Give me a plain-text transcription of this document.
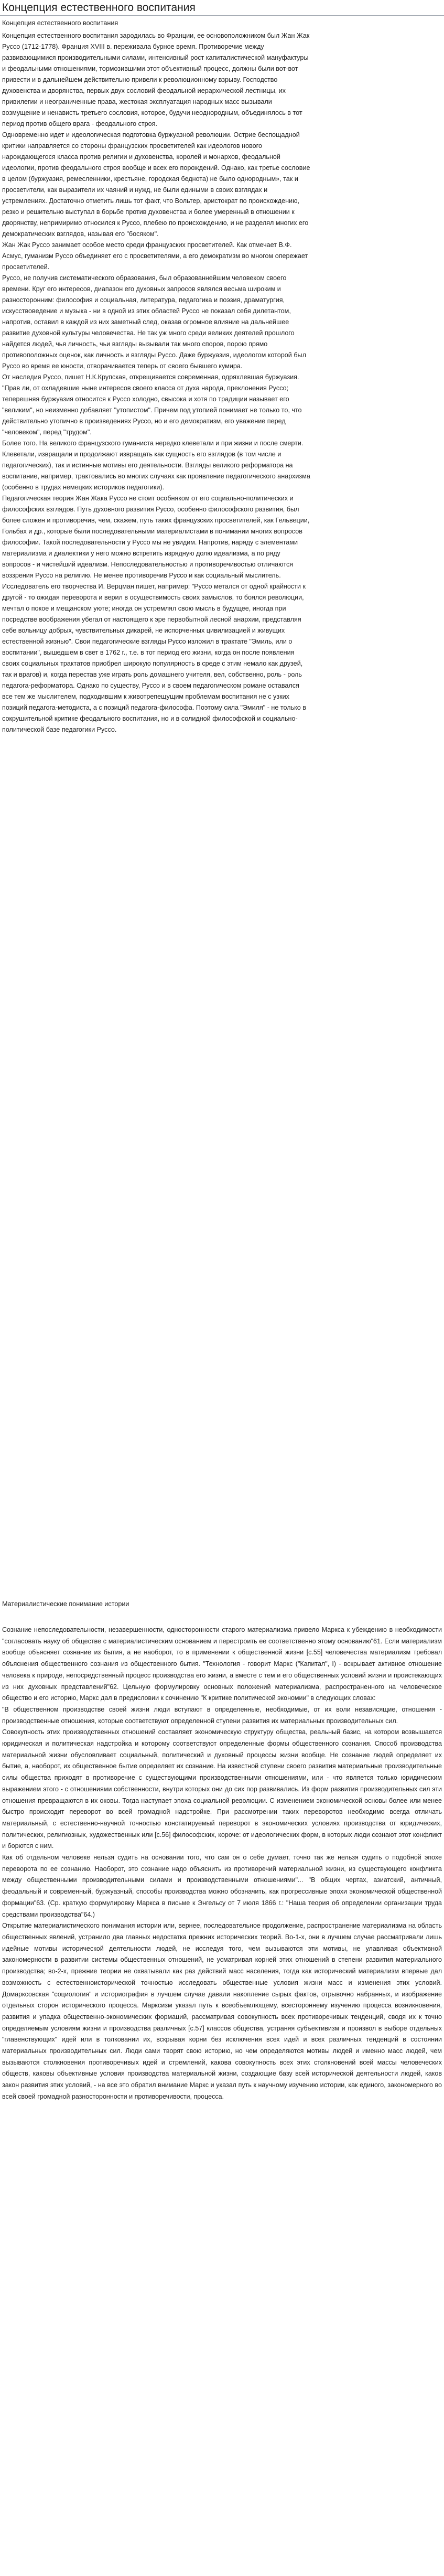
Концепция естественного воспитания

Концепция естественного воспитания

Концепция естественного воспитания зародилась во Франции, ее основоположником был Жан Жак Руссо (1712-1778). Франция XVIII в. переживала бурное время. Противоречие между развивающимися производительными силами, интенсивный рост капиталистической мануфактуры и феодальными отношениями, тормозившими этот объективный процесс, должны были вот-вот привести и в дальнейшем действительно привели к революционному взрыву. Господство духовенства и дворянства, первых двух сословий феодальной иерархической лестницы, их привилегии и неограниченные права, жестокая эксплуатация народных масс вызывали возмущение и ненависть третьего сословия, которое, будучи неоднородным, объединялось в тот период против общего врага - феодального строя.

Одновременно идет и идеологическая подготовка буржуазной революции. Острие беспощадной критики направляется со стороны французских просветителей как идеологов нового нарождающегося класса против религии и духовенства, королей и монархов, феодальной идеологии, против феодального строя вообще и всех его порождений. Однако, как третье сословие в целом (буржуазия, ремесленники, крестьяне, городская беднота) не было однородным», так и просветители, как выразители их чаяний и нужд, не были едиными в своих взглядах и устремлениях. Достаточно отметить лишь тот факт, что Вольтер, аристократ по происхождению, резко и решительно выступал в борьбе против духовенства и более умеренный в отношении к дворянству, непримиримо относился к Руссо, плебею по происхождению, и не разделял многих его демократических взглядов, называя его "босяком".

Жан Жак Руссо занимает особое место среди французских просветителей. Как отмечает В.Ф. Асмус, гуманизм Руссо объединяет его с просветителями, а его демократизм во многом опережает просветителей.

Руссо, не получив систематического образования, был образованнейшим человеком своего времени. Круг его интересов, диапазон его духовных запросов являлся весьма широким и разносторонним: философия и социальная, литература, педагогика и поэзия, драматургия, искусствоведение и музыка - ни в одной из этих областей Руссо не показал себя дилетантом, напротив, оставил в каждой из них заметный след, оказав огромное влияние на дальнейшее развитие духовной культуры человечества. Не так уж много среди великих деятелей прошлого найдется людей, чья личность, чьи взгляды вызывали так много споров, порою прямо противоположных оценок, как личность и взгляды Руссо. Даже буржуазия, идеологом которой был Руссо во время ее юности, отворачивается теперь от своего бывшего кумира.

От наследия Руссо, пишет Н.К.Крупская, открещивается современная, одряхлевшая буржуазия. "Прав ли, от охладевшие ныне интересов своего класса от духа народа, преклонения Руссо; теперешняя буржуазия относится к Руссо холодно, свысока и хотя по традиции называет его "великим", но неизменно добавляет "утопистом". Причем под утопией понимает не только то, что действительно утопично в произведениях Руссо, но и его демократизм, его уважение перед "человеком", перед "трудом".

Более того. На великого французского гуманиста нередко клеветали и при жизни и после смерти. Клеветали, извращали и продолжают извращать как сущность его взглядов (в том числе и педагогических), так и истинные мотивы его деятельности. Взгляды великого реформатора на воспитание, например, трактовались во многих случаях как проявление педагогического анархизма (особенно в трудах немецких историков педагогики).

Педагогическая теория Жан Жака Руссо не стоит особняком от его социально-политических и философских взглядов. Путь духовного развития Руссо, особенно философского развития, был более сложен и противоречив, чем, скажем, путь таких французских просветителей, как Гельвеции, Гольбах и др., которые были последовательными материалистами в понимании многих вопросов философии. Такой последовательности у Руссо мы не увидим. Напротив, наряду с элементами материализма и диалектики у него можно встретить изрядную долю идеализма, а по ряду вопросов - и чистейший идеализм. Непоследовательностью и противоречивостью отличаются воззрения Руссо на религию. Не менее противоречив Руссо и как социальный мыслитель. Исследователь его творчества И. Верцман пишет, например: "Руссо метался от одной крайности к другой - то ожидая переворота и верил в осуществимость своих замыслов, то боялся революции, мечтал о покое и мещанском уюте; иногда он устремлял свою мысль в будущее, иногда при посредстве воображения убегал от настоящего к эре первобытной лесной анархии, представляя себе вольницу добрых, чувствительных дикарей, не испорченных цивилизацией и живущих естественной жизнью". Свои педагогические взгляды Руссо изложил в трактате "Эмиль, или о воспитании", вышедшем в свет в 1762 г., т.е. в тот период его жизни, когда он после появления своих социальных трактатов приобрел широкую популярность в среде с этим немало как друзей, так и врагов) и, когда перестав уже играть роль домашнего учителя, вел, собственно, роль - роль педагога-реформатора. Однако по существу, Руссо и в своем педагогическом романе оставался все тем же мыслителем, подходившим к животрепещущим проблемам воспитания не с узких позиций педагога-методиста, а с позиций педагога-философа. Поэтому сила "Эмиля" - не только в сокрушительной критике феодального воспитания, но и в солидной философской и социально-политической базе педагогики Руссо.

Материалистические понимание истории

Сознание непоследовательности, незавершенности, односторонности старого материализма привело Маркса к убеждению в необходимости "согласовать науку об обществе с материалистическим основанием и перестроить ее соответственно этому основанию"61. Если материализм вообще объясняет сознание из бытия, а не наоборот, то в применении к общественной жизни [с.55] человечества материализм требовал объяснения общественного сознания из общественного бытия. "Технология - говорит Маркс ("Капитал", I) - вскрывает активное отношение человека к природе, непосредственный процесс производства его жизни, а вместе с тем и его общественных условий жизни и проистекающих из них духовных представлений"62. Цельную формулировку основных положений материализма, распространенного на человеческое общество и его историю, Маркс дал в предисловии к сочинению "К критике политической экономии" в следующих словах:

"В общественном производстве своей жизни люди вступают в определенные, необходимые, от их воли независящие, отношения - производственные отношения, которые соответствуют определенной ступени развития их материальных производительных сил.

Совокупность этих производственных отношений составляет экономическую структуру общества, реальный базис, на котором возвышается юридическая и политическая надстройка и которому соответствуют определенные формы общественного сознания. Способ производства материальной жизни обусловливает социальный, политический и духовный процессы жизни вообще. Не сознание людей определяет их бытие, а, наоборот, их общественное бытие определяет их сознание. На известной ступени своего развития материальные производительные силы общества приходят в противоречие с существующими производственными отношениями, или - что является только юридическим выражением этого - с отношениями собственности, внутри которых они до сих пор развивались. Из форм развития производительных сил эти отношения превращаются в их оковы. Тогда наступает эпоха социальной революции. С изменением экономической основы более или менее быстро происходит переворот во всей громадной надстройке. При рассмотрении таких переворотов необходимо всегда отличать материальный, с естественно-научной точностью констатируемый переворот в экономических условиях производства от юридических, политических, религиозных, художественных или [с.56] философских, короче: от идеологических форм, в которых люди сознают этот конфликт и борются с ним.

Как об отдельном человеке нельзя судить на основании того, что сам он о себе думает, точно так же нельзя судить о подобной эпохе переворота по ее сознанию. Наоборот, это сознание надо объяснить из противоречий материальной жизни, из существующего конфликта между общественными производительными силами и производственными отношениями"... "В общих чертах, азиатский, античный, феодальный и современный, буржуазный, способы производства можно обозначить, как прогрессивные эпохи экономической общественной формации"63. (Ср. краткую формулировку Маркса в письме к Энгельсу от 7 июля 1866 г.: "Наша теория об определении организации труда средствами производства"64.)

Открытие материалистического понимания истории или, вернее, последовательное продолжение, распространение материализма на область общественных явлений, устранило два главных недостатка прежних исторических теорий. Во-1-х, они в лучшем случае рассматривали лишь идейные мотивы исторической деятельности людей, не исследуя того, чем вызываются эти мотивы, не улавливая объективной закономерности в развитии системы общественных отношений, не усматривая корней этих отношений в степени развития материального производства; во-2-х, прежние теории не охватывали как раз действий масс населения, тогда как исторический материализм впервые дал возможность с естественноисторической точностью исследовать общественные условия жизни масс и изменения этих условий. Домарксовская "социология" и историография в лучшем случае давали накопление сырых фактов, отрывочно набранных, и изображение отдельных сторон исторического процесса. Марксизм указал путь к всеобъемлющему, всестороннему изучению процесса возникновения, развития и упадка общественно-экономических формаций, рассматривая совокупность всех противоречивых тенденций, сводя их к точно определяемым условиям жизни и производства различных [с.57] классов общества, устраняя субъективизм и произвол в выборе отдельных "главенствующих" идей или в толковании их, вскрывая корни без исключения всех идей и всех различных тенденций в состоянии материальных производительных сил. Люди сами творят свою историю, но чем определяются мотивы людей и именно масс людей, чем вызываются столкновения противоречивых идей и стремлений, какова совокупность всех этих столкновений всей массы человеческих обществ, каковы объективные условия производства материальной жизни, создающие базу всей исторической деятельности людей, каков закон развития этих условий, - на все это обратил внимание Маркс и указал путь к научному изучению истории, как единого, закономерного во всей своей громадной разносторонности и противоречивости, процесса.
